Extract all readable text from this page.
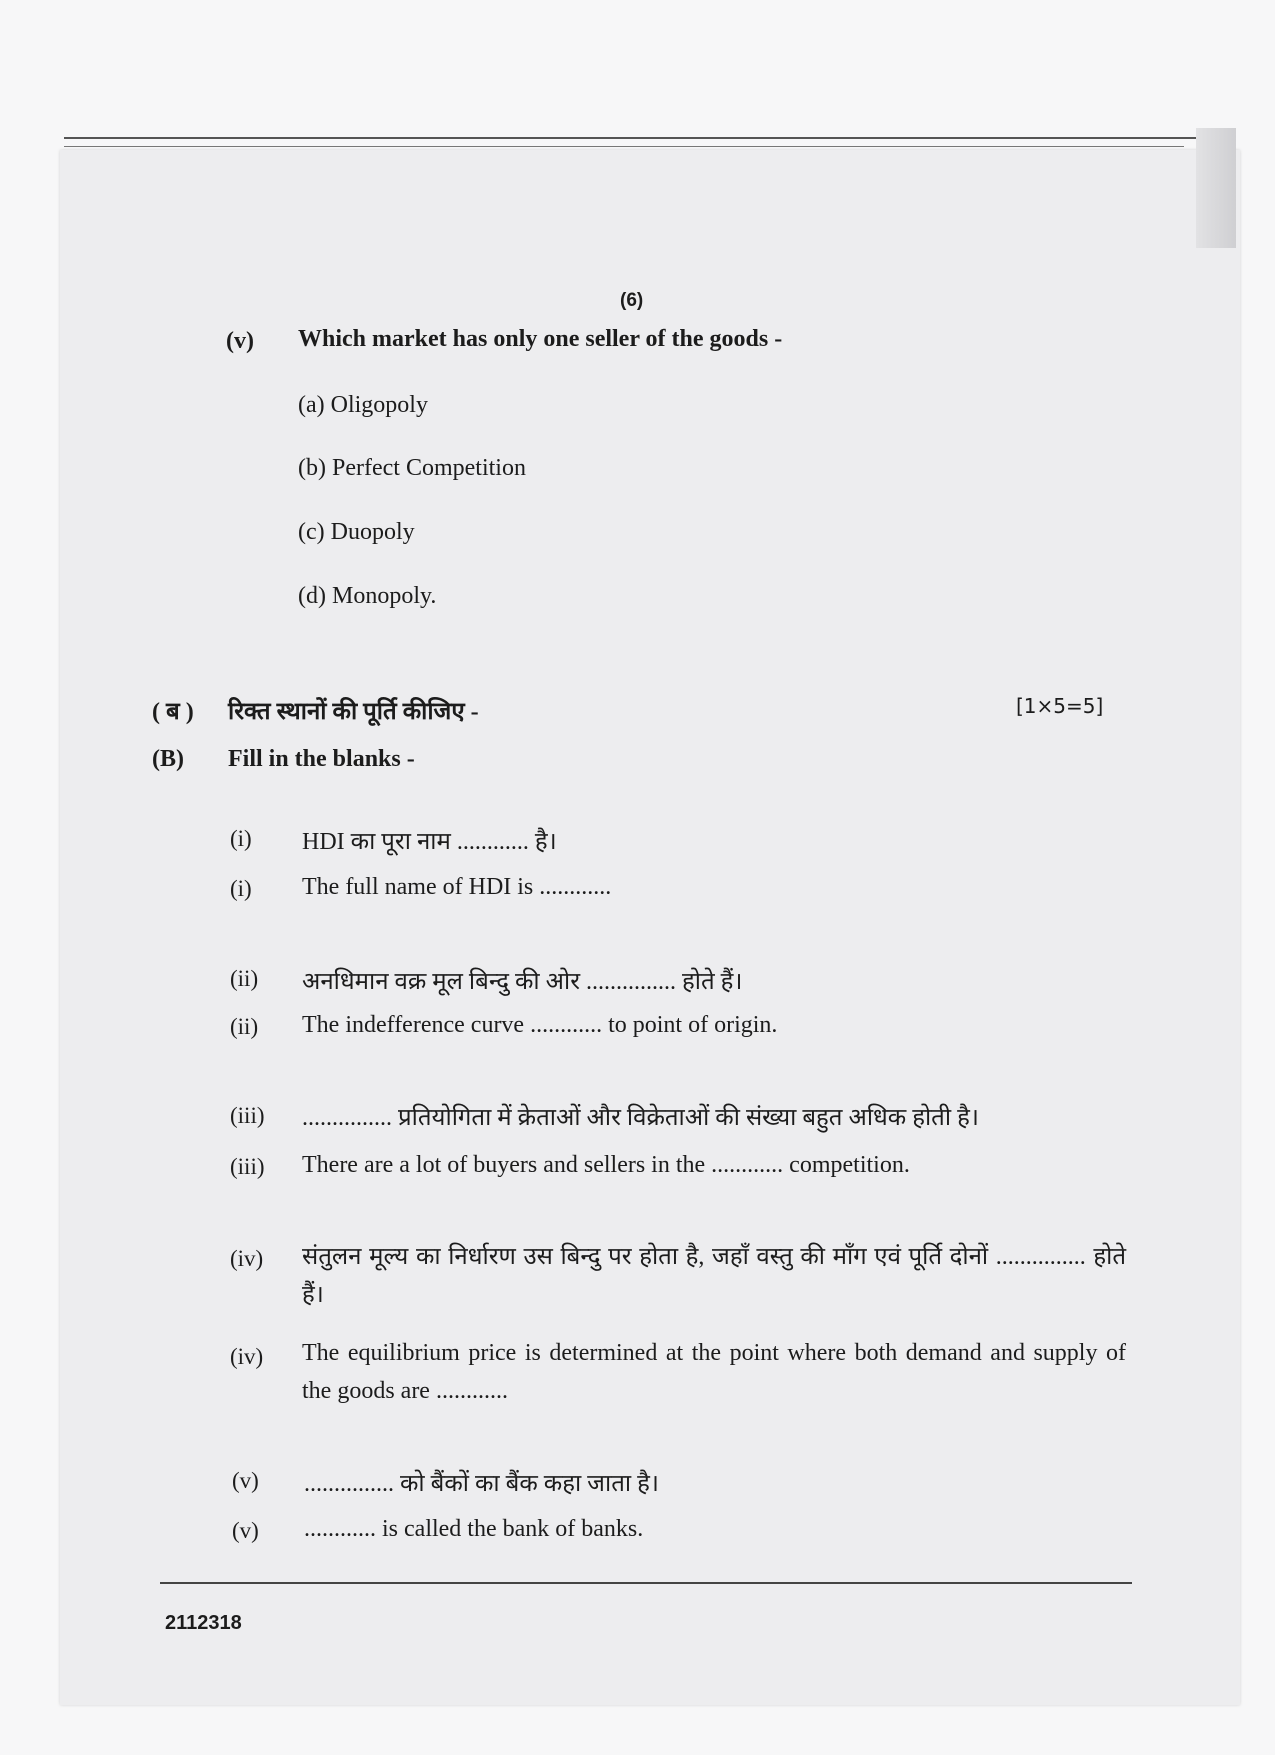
(6)
(v) Which market has only one seller of the goods -
(a) Oligopoly
(b) Perfect Competition
(c) Duopoly
(d) Monopoly.
( ब ) रिक्त स्थानों की पूर्ति कीजिए -	[1×5=5]
(B) Fill in the blanks -
(i) HDI का पूरा नाम ............ है।
(i) The full name of HDI is ............
(ii) अनधिमान वक्र मूल बिन्दु की ओर ............... होते हैं।
(ii) The indefference curve ............ to point of origin.
(iii) ............... प्रतियोगिता में क्रेताओं और विक्रेताओं की संख्या बहुत अधिक होती है।
(iii) There are a lot of buyers and sellers in the ............ competition.
(iv) संतुलन मूल्य का निर्धारण उस बिन्दु पर होता है, जहाँ वस्तु की माँग एवं पूर्ति दोनों ............... होते हैं।
(iv) The equilibrium price is determined at the point where both demand and supply of the goods are ............
(v) ............... को बैंकों का बैंक कहा जाता है।
(v) ............ is called the bank of banks.
2112318
